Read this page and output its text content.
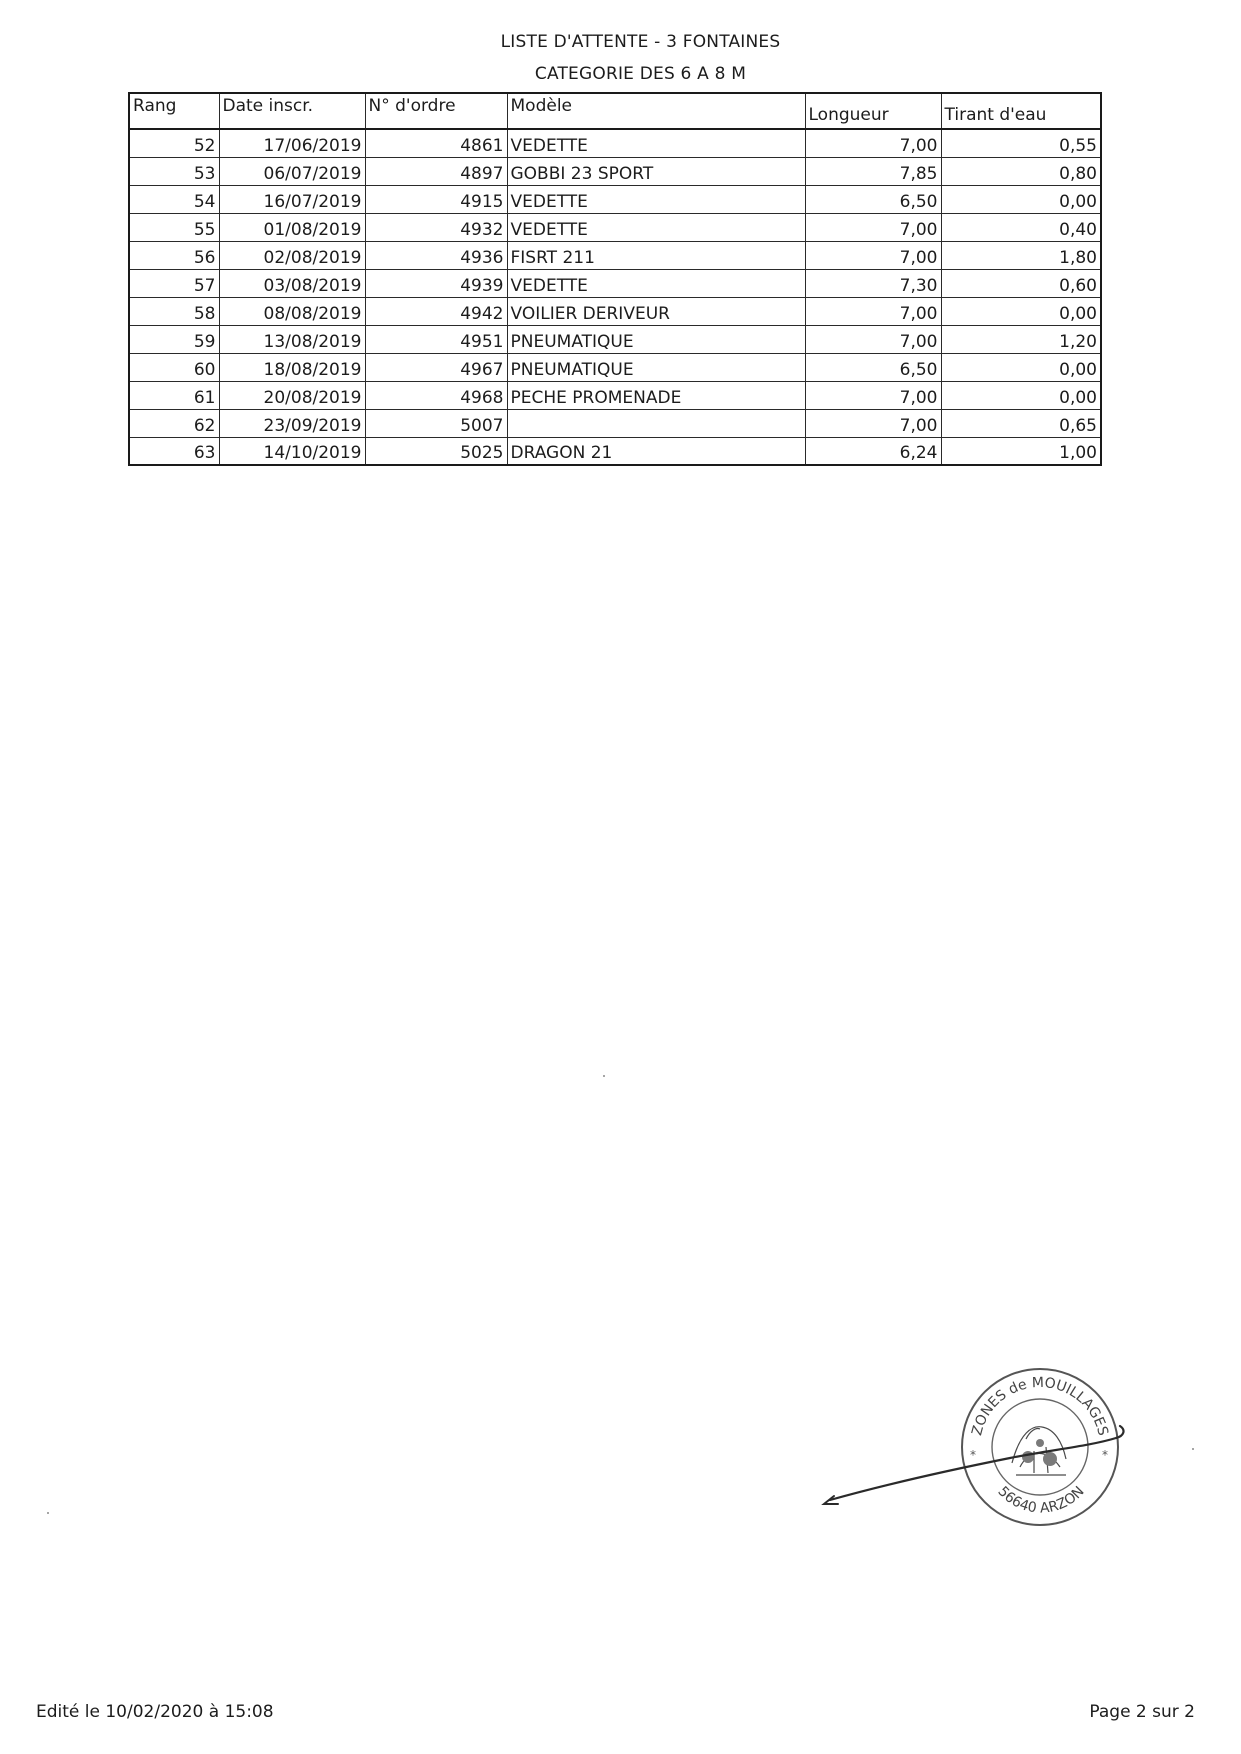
LISTE D'ATTENTE - 3 FONTAINES
CATEGORIE DES 6 A 8 M
Rang	Date inscr.	N° d'ordre	Modèle	Longueur	Tirant d'eau
52	17/06/2019	4861	VEDETTE	7,00	0,55
53	06/07/2019	4897	GOBBI 23 SPORT	7,85	0,80
54	16/07/2019	4915	VEDETTE	6,50	0,00
55	01/08/2019	4932	VEDETTE	7,00	0,40
56	02/08/2019	4936	FISRT 211	7,00	1,80
57	03/08/2019	4939	VEDETTE	7,30	0,60
58	08/08/2019	4942	VOILIER DERIVEUR	7,00	0,00
59	13/08/2019	4951	PNEUMATIQUE	7,00	1,20
60	18/08/2019	4967	PNEUMATIQUE	6,50	0,00
61	20/08/2019	4968	PECHE PROMENADE	7,00	0,00
62	23/09/2019	5007		7,00	0,65
63	14/10/2019	5025	DRAGON 21	6,24	1,00
ZONES de MOUILLAGES
56640 ARZON
*	*
Edité le 10/02/2020 à 15:08	Page 2 sur 2
